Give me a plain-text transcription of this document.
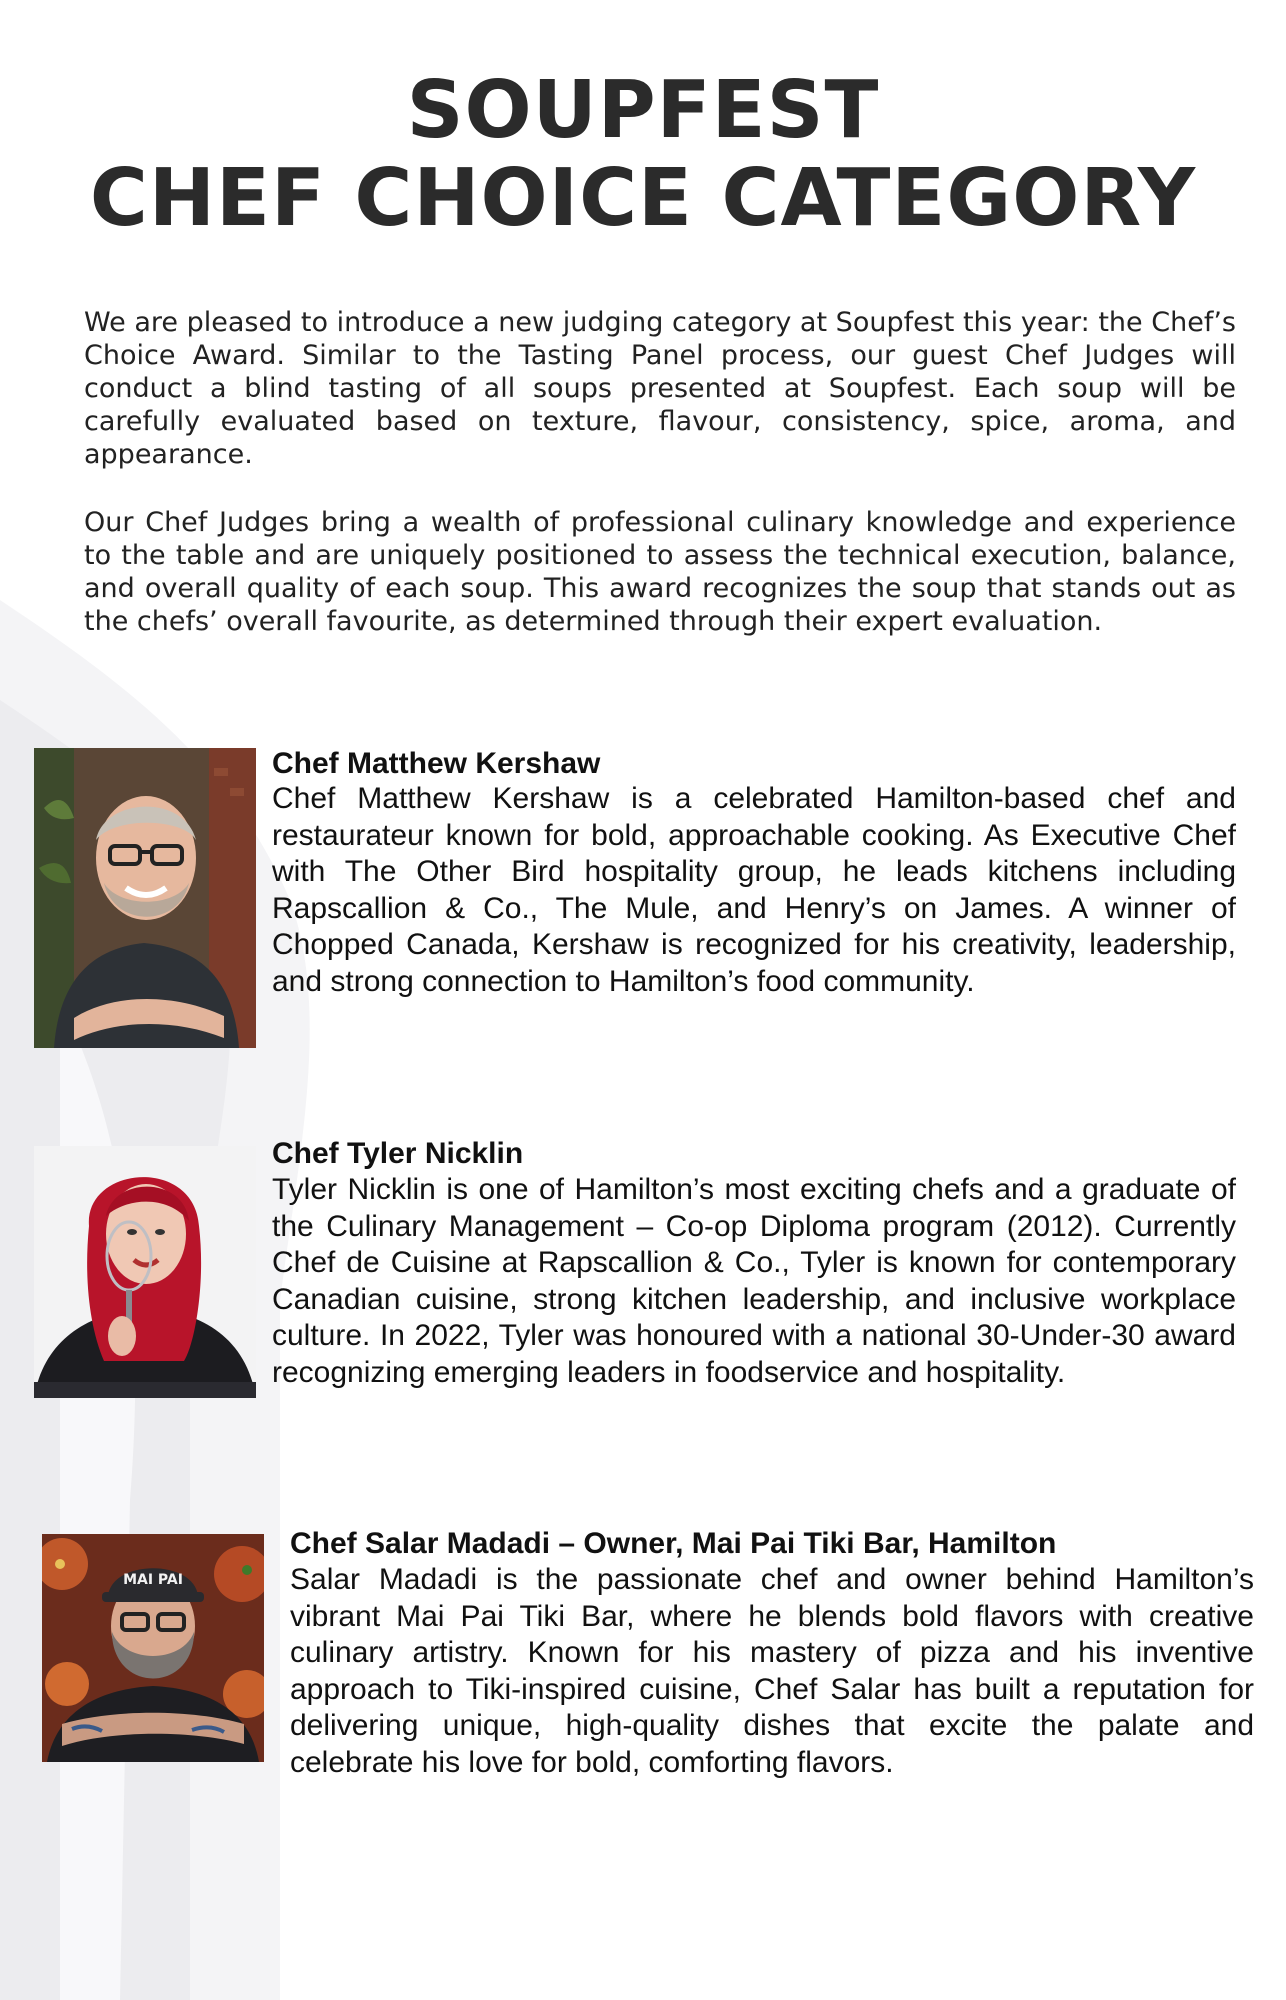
SOUPFEST
CHEF CHOICE CATEGORY

We are pleased to introduce a new judging category at Soupfest this year: the Chef’s Choice Award. Similar to the Tasting Panel process, our guest Chef Judges will conduct a blind tasting of all soups presented at Soupfest. Each soup will be carefully evaluated based on texture, flavour, consistency, spice, aroma, and appearance.

Our Chef Judges bring a wealth of professional culinary knowledge and experience to the table and are uniquely positioned to assess the technical execution, balance, and overall quality of each soup. This award recognizes the soup that stands out as the chefs’ overall favourite, as determined through their expert evaluation.

Chef Matthew Kershaw

Chef Matthew Kershaw is a celebrated Hamilton-based chef and restaurateur known for bold, approachable cooking. As Executive Chef with The Other Bird hospitality group, he leads kitchens including Rapscallion & Co., The Mule, and Henry’s on James. A winner of Chopped Canada, Kershaw is recognized for his creativity, leadership, and strong connection to Hamilton’s food community.

Chef Tyler Nicklin

Tyler Nicklin is one of Hamilton’s most exciting chefs and a graduate of the Culinary Management – Co-op Diploma program (2012). Currently Chef de Cuisine at Rapscallion & Co., Tyler is known for contemporary Canadian cuisine, strong kitchen leadership, and inclusive workplace culture. In 2022, Tyler was honoured with a national 30-Under-30 award recognizing emerging leaders in foodservice and hospitality.

MAI PAI
Chef Salar Madadi – Owner, Mai Pai Tiki Bar, Hamilton

Salar Madadi is the passionate chef and owner behind Hamilton’s vibrant Mai Pai Tiki Bar, where he blends bold flavors with creative culinary artistry. Known for his mastery of pizza and his inventive approach to Tiki-inspired cuisine, Chef Salar has built a reputation for delivering unique, high-quality dishes that excite the palate and celebrate his love for bold, comforting flavors.
